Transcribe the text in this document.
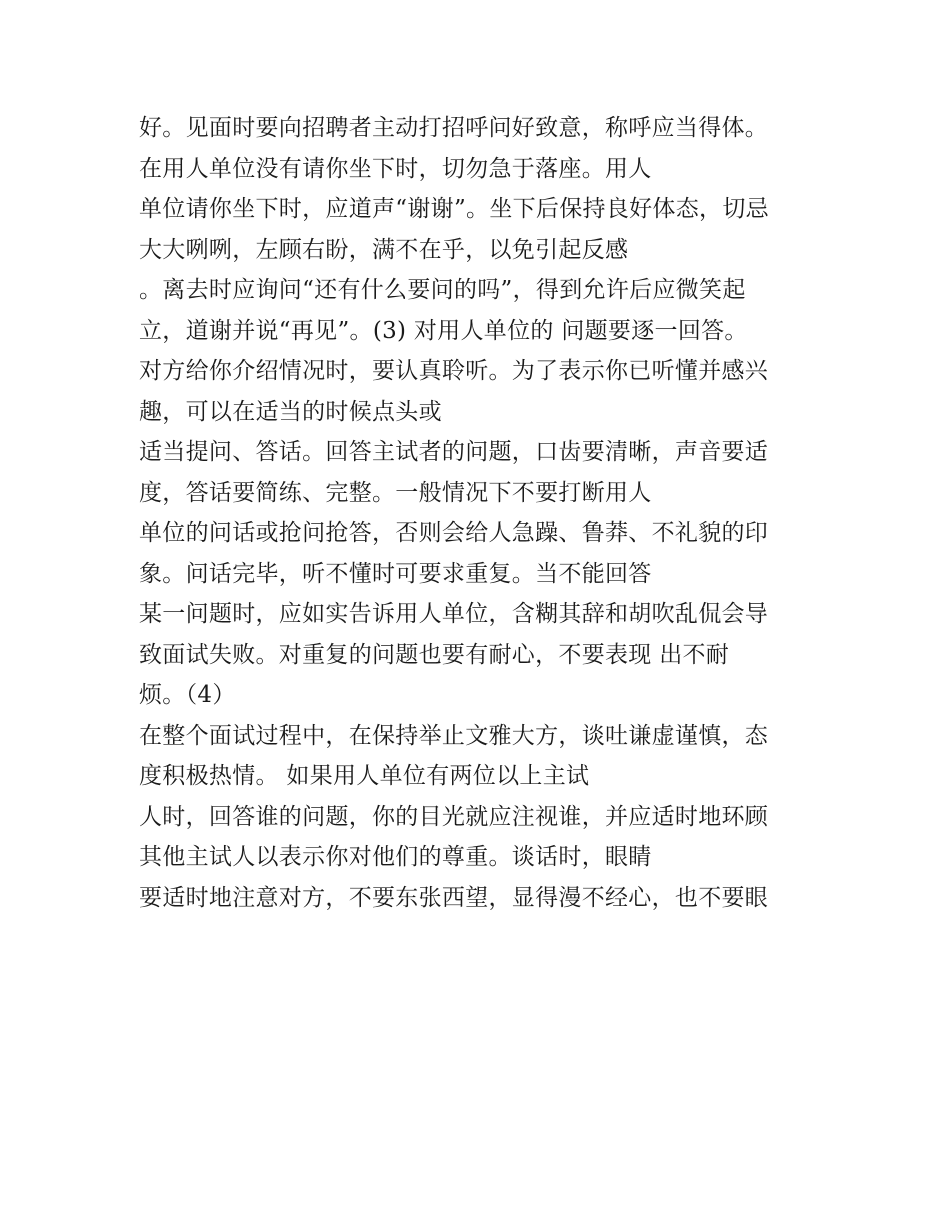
好。见面时要向招聘者主动打招呼问好致意，称呼应当得体。
在用人单位没有请你坐下时，切勿急于落座。用人
单位请你坐下时，应道声“谢谢”。坐下后保持良好体态，切忌
大大咧咧，左顾右盼，满不在乎，以免引起反感
。离去时应询问“还有什么要问的吗”，得到允许后应微笑起
立，道谢并说“再见”。(3) 对用人单位的 问题要逐一回答。
对方给你介绍情况时，要认真聆听。为了表示你已听懂并感兴
趣，可以在适当的时候点头或
适当提问、答话。回答主试者的问题，口齿要清晰，声音要适
度，答话要简练、完整。一般情况下不要打断用人
单位的问话或抢问抢答，否则会给人急躁、鲁莽、不礼貌的印
象。问话完毕，听不懂时可要求重复。当不能回答
某一问题时，应如实告诉用人单位，含糊其辞和胡吹乱侃会导
致面试失败。对重复的问题也要有耐心，不要表现 出不耐
烦。（4）
在整个面试过程中，在保持举止文雅大方，谈吐谦虚谨慎，态
度积极热情。 如果用人单位有两位以上主试
人时，回答谁的问题，你的目光就应注视谁，并应适时地环顾
其他主试人以表示你对他们的尊重。谈话时，眼睛
要适时地注意对方，不要东张西望，显得漫不经心，也不要眼
